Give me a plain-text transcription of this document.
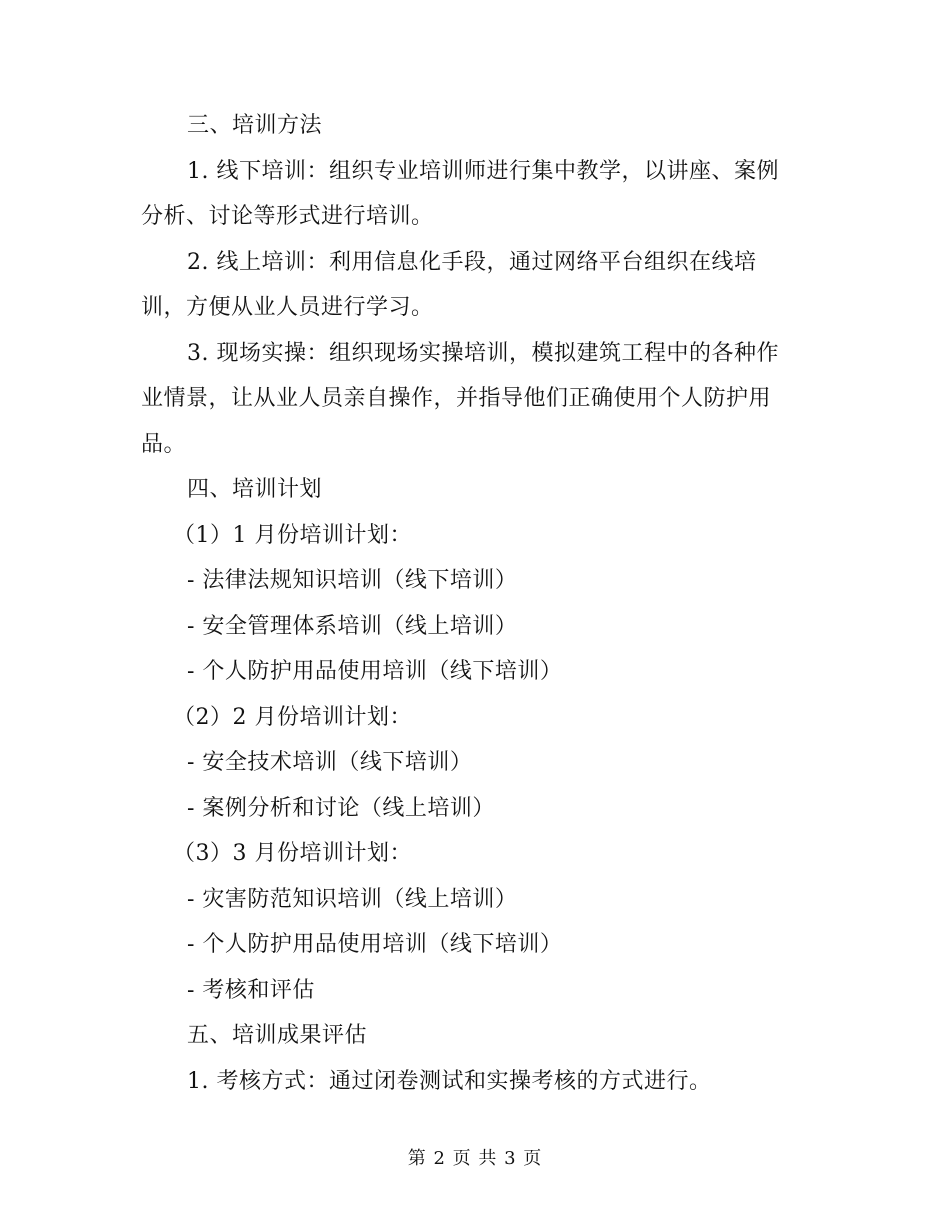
三、培训方法
1. 线下培训：组织专业培训师进行集中教学，以讲座、案例
分析、讨论等形式进行培训。
2. 线上培训：利用信息化手段，通过网络平台组织在线培
训，方便从业人员进行学习。
3. 现场实操：组织现场实操培训，模拟建筑工程中的各种作
业情景，让从业人员亲自操作，并指导他们正确使用个人防护用
品。
四、培训计划
（1）1 月份培训计划：
- 法律法规知识培训（线下培训）
- 安全管理体系培训（线上培训）
- 个人防护用品使用培训（线下培训）
（2）2 月份培训计划：
- 安全技术培训（线下培训）
- 案例分析和讨论（线上培训）
（3）3 月份培训计划：
- 灾害防范知识培训（线上培训）
- 个人防护用品使用培训（线下培训）
- 考核和评估
五、培训成果评估
1. 考核方式：通过闭卷测试和实操考核的方式进行。
第 2 页 共 3 页
